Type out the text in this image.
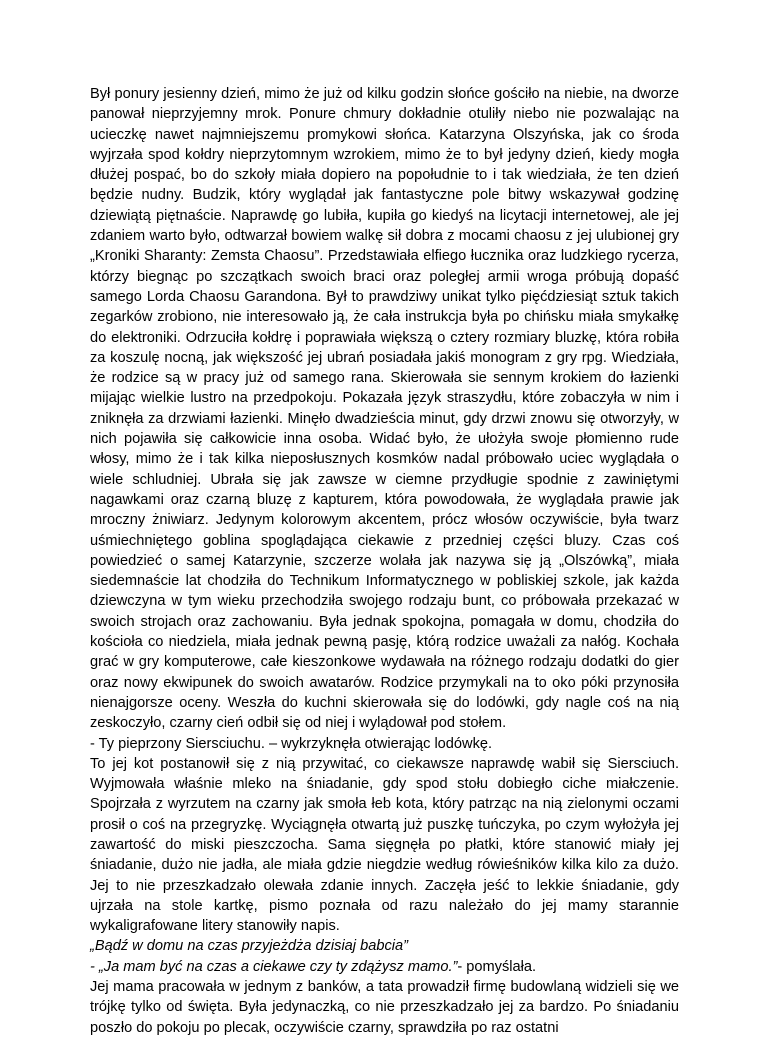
Był ponury jesienny dzień, mimo że już od kilku godzin słońce gościło na niebie, na dworze panował nieprzyjemny mrok. Ponure chmury dokładnie otuliły niebo nie pozwalając na ucieczkę nawet najmniejszemu promykowi słońca. Katarzyna Olszyńska, jak co środa wyjrzała spod kołdry nieprzytomnym wzrokiem, mimo że to był jedyny dzień, kiedy mogła dłużej pospać, bo do szkoły miała dopiero na popołudnie to i tak wiedziała, że ten dzień będzie nudny. Budzik, który wyglądał jak fantastyczne pole bitwy wskazywał godzinę dziewiątą piętnaście. Naprawdę go lubiła, kupiła go kiedyś na licytacji internetowej, ale jej zdaniem warto było, odtwarzał bowiem walkę sił dobra z mocami chaosu z jej ulubionej gry „Kroniki Sharanty: Zemsta Chaosu”. Przedstawiała elfiego łucznika oraz ludzkiego rycerza, którzy biegnąc po szczątkach swoich braci oraz poległej armii wroga próbują dopaść samego Lorda Chaosu Garandona. Był to prawdziwy unikat tylko pięćdziesiąt sztuk takich zegarków zrobiono, nie interesowało ją, że cała instrukcja była po chińsku miała smykałkę do elektroniki. Odrzuciła kołdrę i poprawiała większą o cztery rozmiary bluzkę, która robiła za koszulę nocną, jak większość jej ubrań posiadała jakiś monogram z gry rpg. Wiedziała, że rodzice są w pracy już od samego rana. Skierowała sie sennym krokiem do łazienki mijając wielkie lustro na przedpokoju. Pokazała język straszydłu, które zobaczyła w nim i zniknęła za drzwiami łazienki. Minęło dwadzieścia minut, gdy drzwi znowu się otworzyły, w nich pojawiła się całkowicie inna osoba. Widać było, że ułożyła swoje płomienno rude włosy, mimo że i tak kilka nieposłusznych kosmków nadal próbowało uciec wyglądała o wiele schludniej. Ubrała się jak zawsze w ciemne przydługie spodnie z zawiniętymi nagawkami oraz czarną bluzę z kapturem, która powodowała, że wyglądała prawie jak mroczny żniwiarz. Jedynym kolorowym akcentem, prócz włosów oczywiście, była twarz uśmiechniętego goblina spoglądająca ciekawie z przedniej części bluzy. Czas coś powiedzieć o samej Katarzynie, szczerze wolała jak nazywa się ją „Olszówką”, miała siedemnaście lat chodziła do Technikum Informatycznego w pobliskiej szkole, jak każda dziewczyna w tym wieku przechodziła swojego rodzaju bunt, co próbowała przekazać w swoich strojach oraz zachowaniu. Była jednak spokojna, pomagała w domu, chodziła do kościoła co niedziela, miała jednak pewną pasję, którą rodzice uważali za nałóg. Kochała grać w gry komputerowe, całe kieszonkowe wydawała na różnego rodzaju dodatki do gier oraz nowy ekwipunek do swoich awatarów. Rodzice przymykali na to oko póki przynosiła nienajgorsze oceny. Weszła do kuchni skierowała się do lodówki, gdy nagle coś na nią zeskoczyło, czarny cień odbił się od niej i wylądował pod stołem.

- Ty pieprzony Siersciuchu. – wykrzyknęła otwierając lodówkę.

To jej kot postanowił się z nią przywitać, co ciekawsze naprawdę wabił się Siersciuch. Wyjmowała właśnie mleko na śniadanie, gdy spod stołu dobiegło ciche miałczenie. Spojrzała z wyrzutem na czarny jak smoła łeb kota, który patrząc na nią zielonymi oczami prosił o coś na przegryzkę. Wyciągnęła otwartą już puszkę tuńczyka, po czym wyłożyła jej zawartość do miski pieszczocha. Sama sięgnęła po płatki, które stanowić miały jej śniadanie, dużo nie jadła, ale miała gdzie niegdzie według rówieśników kilka kilo za dużo. Jej to nie przeszkadzało olewała zdanie innych. Zaczęła jeść to lekkie śniadanie, gdy ujrzała na stole kartkę, pismo poznała od razu należało do jej mamy starannie wykaligrafowane litery stanowiły napis.

„Bądź w domu na czas przyjeżdża dzisiaj babcia”

- „Ja mam być na czas a ciekawe czy ty zdążysz mamo.”- pomyślała.

Jej mama pracowała w jednym z banków, a tata prowadził firmę budowlaną widzieli się we trójkę tylko od święta. Była jedynaczką, co nie przeszkadzało jej za bardzo. Po śniadaniu poszło do pokoju po plecak, oczywiście czarny, sprawdziła po raz ostatni
